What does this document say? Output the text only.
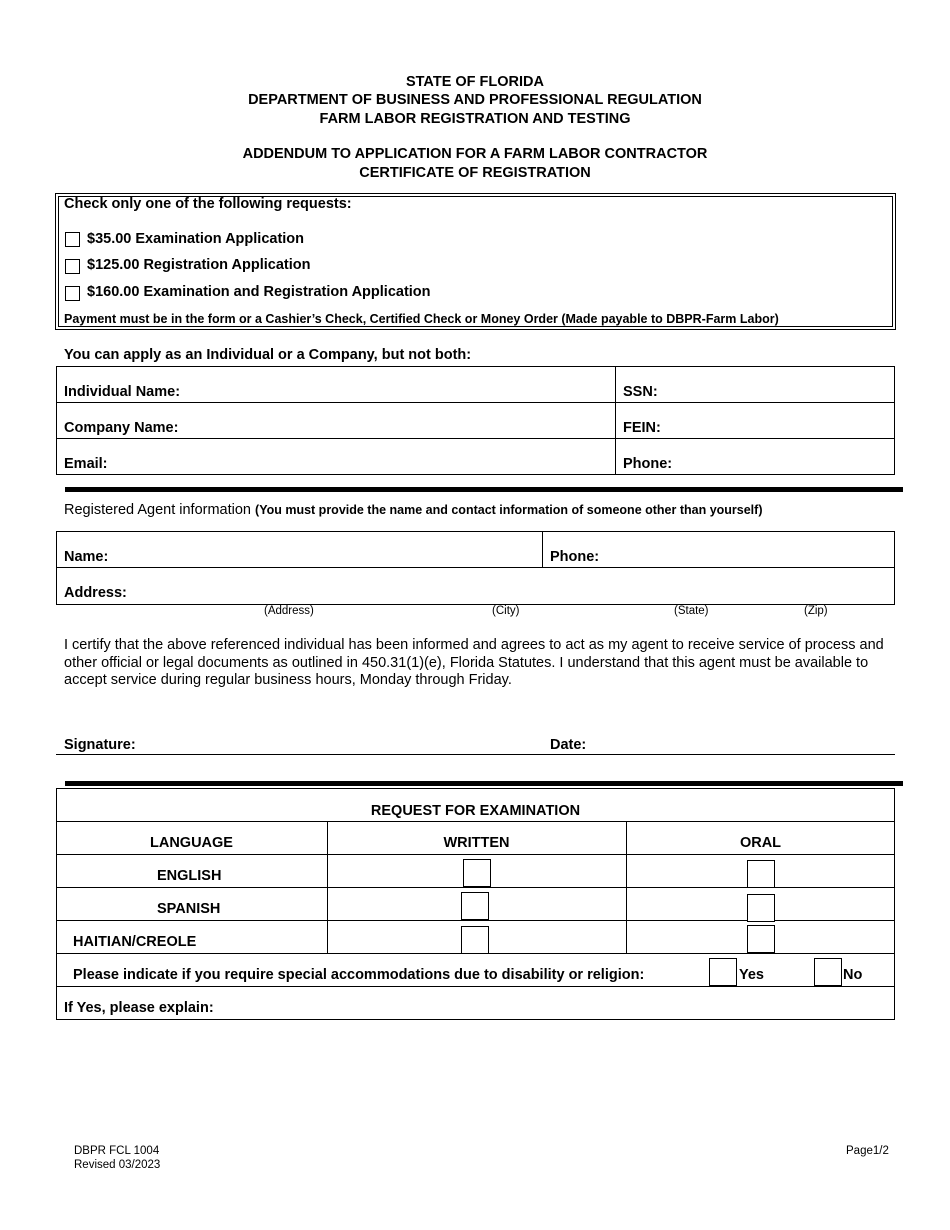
STATE OF FLORIDA
DEPARTMENT OF BUSINESS AND PROFESSIONAL REGULATION
FARM LABOR REGISTRATION AND TESTING
ADDENDUM TO APPLICATION FOR A FARM LABOR CONTRACTOR
CERTIFICATE OF REGISTRATION
Check only one of the following requests:
$35.00 Examination Application
$125.00 Registration Application
$160.00 Examination and Registration Application
Payment must be in the form or a Cashier’s Check, Certified Check or Money Order (Made payable to DBPR-Farm Labor)
You can apply as an Individual or a Company, but not both:
Individual Name:	SSN:
Company Name:	FEIN:
Email:	Phone:
Registered Agent information (You must provide the name and contact information of someone other than yourself)
Name:	Phone:
Address:
(Address)	(City)	(State)	(Zip)
I certify that the above referenced individual has been informed and agrees to act as my agent to receive service of process and other official or legal documents as outlined in 450.31(1)(e), Florida Statutes. I understand that this agent must be available to accept service during regular business hours, Monday through Friday.
Signature:	Date:
REQUEST FOR EXAMINATION
LANGUAGE	WRITTEN	ORAL
ENGLISH
SPANISH
HAITIAN/CREOLE
Please indicate if you require special accommodations due to disability or religion:	Yes	No
If Yes, please explain:
DBPR FCL 1004
Revised 03/2023
Page1/2
